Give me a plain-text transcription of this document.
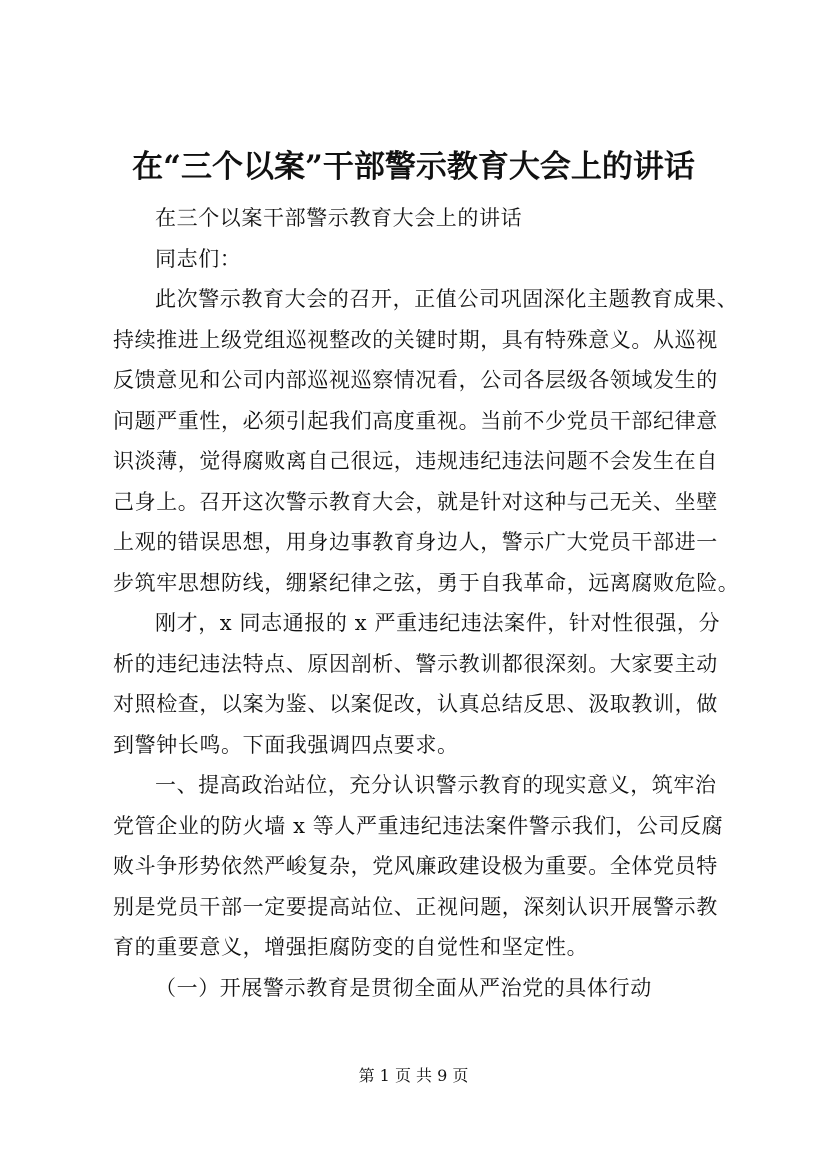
在“三个以案”干部警示教育大会上的讲话
在三个以案干部警示教育大会上的讲话
同志们：
此次警示教育大会的召开，正值公司巩固深化主题教育成果、
持续推进上级党组巡视整改的关键时期，具有特殊意义。从巡视
反馈意见和公司内部巡视巡察情况看，公司各层级各领域发生的
问题严重性，必须引起我们高度重视。当前不少党员干部纪律意
识淡薄，觉得腐败离自己很远，违规违纪违法问题不会发生在自
己身上。召开这次警示教育大会，就是针对这种与己无关、坐壁
上观的错误思想，用身边事教育身边人，警示广大党员干部进一
步筑牢思想防线，绷紧纪律之弦，勇于自我革命，远离腐败危险。
刚才，x 同志通报的 x 严重违纪违法案件，针对性很强，分
析的违纪违法特点、原因剖析、警示教训都很深刻。大家要主动
对照检查，以案为鉴、以案促改，认真总结反思、汲取教训，做
到警钟长鸣。下面我强调四点要求。
一、提高政治站位，充分认识警示教育的现实意义，筑牢治
党管企业的防火墙 x 等人严重违纪违法案件警示我们，公司反腐
败斗争形势依然严峻复杂，党风廉政建设极为重要。全体党员特
别是党员干部一定要提高站位、正视问题，深刻认识开展警示教
育的重要意义，增强拒腐防变的自觉性和坚定性。
（一）开展警示教育是贯彻全面从严治党的具体行动
第 1 页 共 9 页
